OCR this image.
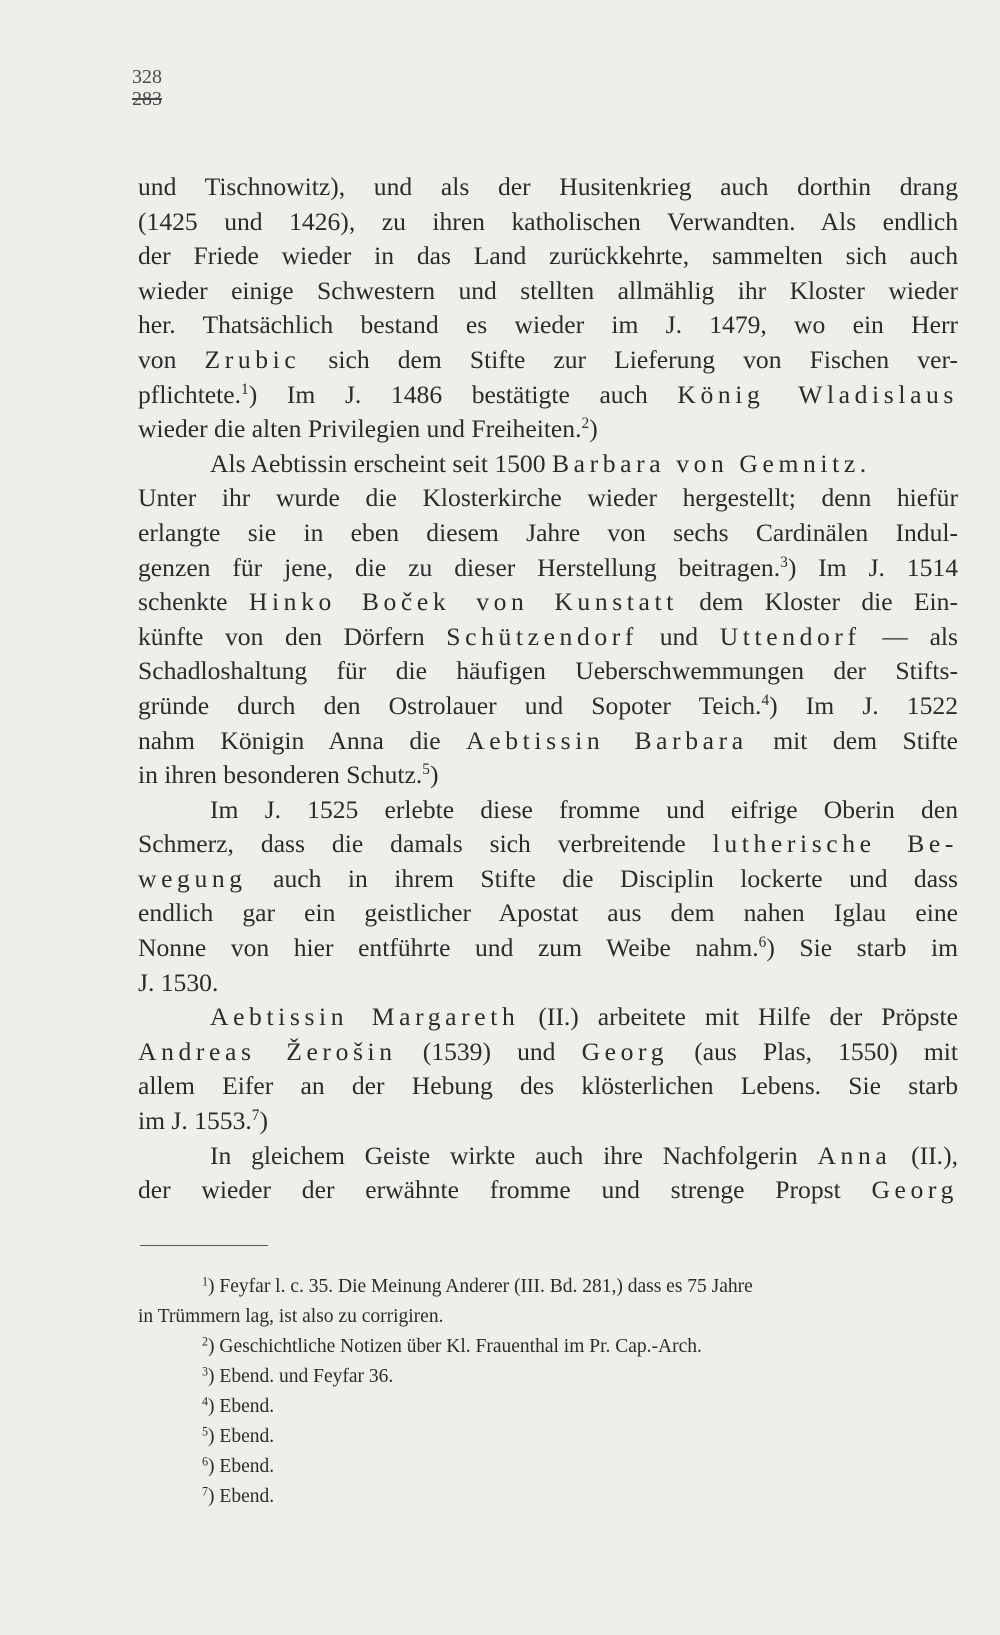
328
283

und Tischnowitz), und als der Husitenkrieg auch dorthin drang

(1425 und 1426), zu ihren katholischen Verwandten. Als endlich

der Friede wieder in das Land zurückkehrte, sammelten sich auch

wieder einige Schwestern und stellten allmählig ihr Kloster wieder

her. Thatsächlich bestand es wieder im J. 1479, wo ein Herr

von Zrubic sich dem Stifte zur Lieferung von Fischen ver-

pflichtete.$^1$) Im J. 1486 bestätigte auch König Wladislaus

wieder die alten Privilegien und Freiheiten.$^2$)

Als Aebtissin erscheint seit 1500 Barbara von Gemnitz.

Unter ihr wurde die Klosterkirche wieder hergestellt; denn hiefür

erlangte sie in eben diesem Jahre von sechs Cardinälen Indul-

genzen für jene, die zu dieser Herstellung beitragen.$^3$) Im J. 1514

schenkte Hinko Boček von Kunstatt dem Kloster die Ein-

künfte von den Dörfern Schützendorf und Uttendorf — als

Schadloshaltung für die häufigen Ueberschwemmungen der Stifts-

gründe durch den Ostrolauer und Sopoter Teich.$^4$) Im J. 1522

nahm Königin Anna die Aebtissin Barbara mit dem Stifte

in ihren besonderen Schutz.$^5$)

Im J. 1525 erlebte diese fromme und eifrige Oberin den

Schmerz, dass die damals sich verbreitende lutherische Be-

wegung auch in ihrem Stifte die Disciplin lockerte und dass

endlich gar ein geistlicher Apostat aus dem nahen Iglau eine

Nonne von hier entführte und zum Weibe nahm.$^6$) Sie starb im

J. 1530.

Aebtissin Margareth (II.) arbeitete mit Hilfe der Pröpste

Andreas Žerošin (1539) und Georg (aus Plas, 1550) mit

allem Eifer an der Hebung des klösterlichen Lebens. Sie starb

im J. 1553.$^7$)

In gleichem Geiste wirkte auch ihre Nachfolgerin Anna (II.),

der wieder der erwähnte fromme und strenge Propst Georg

$^1$) Feyfar l. c. 35. Die Meinung Anderer (III. Bd. 281,) dass es 75 Jahre

in Trümmern lag, ist also zu corrigiren.

$^2$) Geschichtliche Notizen über Kl. Frauenthal im Pr. Cap.-Arch.

$^3$) Ebend. und Feyfar 36.

$^4$) Ebend.

$^5$) Ebend.

$^6$) Ebend.

$^7$) Ebend.
